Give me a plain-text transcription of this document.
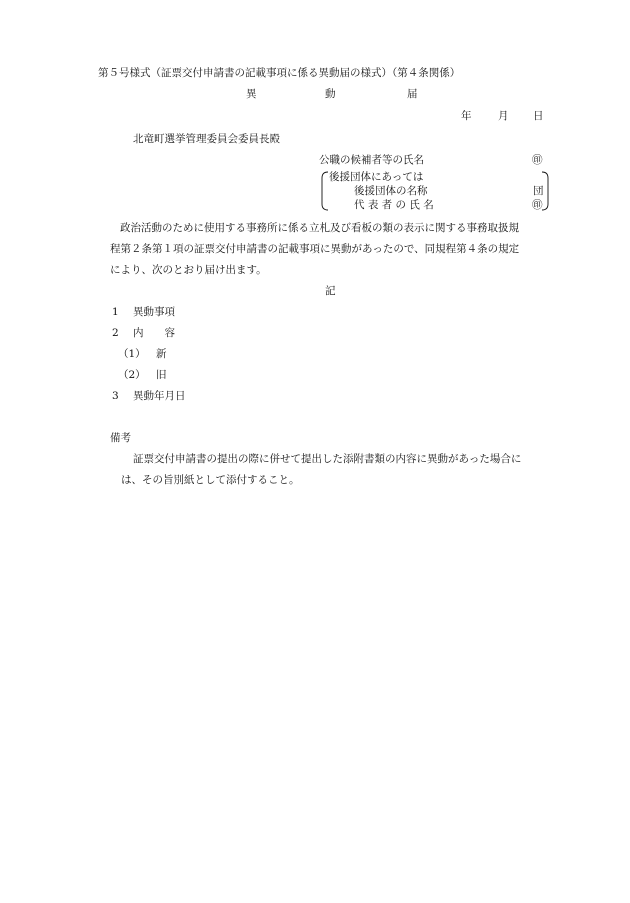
第５号様式（証票交付申請書の記載事項に係る異動届の様式）（第４条関係）
異	動	届
年	月 日
北竜町選挙管理委員会委員長殿
公職の候補者等の氏名	㊞
後援団体にあっては
後援団体の名称	団
代 表 者 の 氏 名	㊞
政治活動のために使用する事務所に係る立札及び看板の類の表示に関する事務取扱規
程第２条第１項の証票交付申請書の記載事項に異動があったので、同規程第４条の規定
により、次のとおり届け出ます。
記
1 異動事項
2 内　　容
（1） 新
（2） 旧
3 異動年月日
備考
証票交付申請書の提出の際に併せて提出した添附書類の内容に異動があった場合に
は、その旨別紙として添付すること。
